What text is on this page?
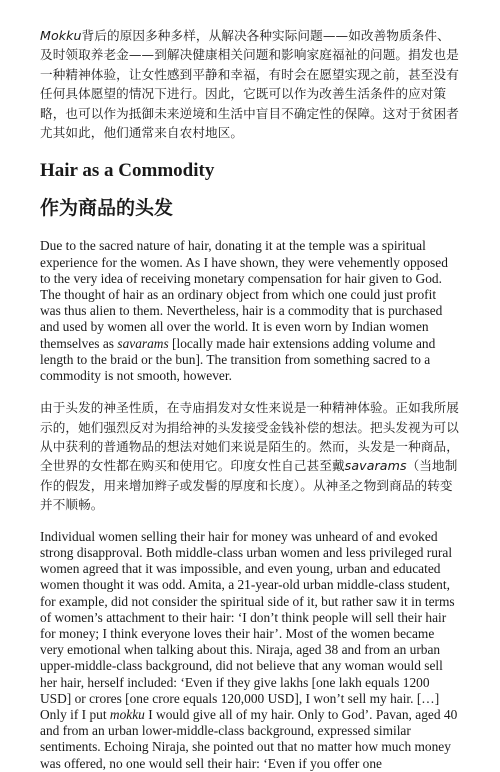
Mokku背后的原因多种多样，从解决各种实际问题——如改善物质条件、及时领取养老金——到解决健康相关问题和影响家庭福祉的问题。捐发也是一种精神体验，让女性感到平静和幸福，有时会在愿望实现之前，甚至没有任何具体愿望的情况下进行。因此，它既可以作为改善生活条件的应对策略，也可以作为抵御未来逆境和生活中盲目不确定性的保障。这对于贫困者尤其如此，他们通常来自农村地区。

Hair as a Commodity
作为商品的头发

Due to the sacred nature of hair, donating it at the temple was a spiritual experience for the women. As I have shown, they were vehemently opposed to the very idea of receiving monetary compensation for hair given to God. The thought of hair as an ordinary object from which one could just profit was thus alien to them. Nevertheless, hair is a commodity that is purchased and used by women all over the world. It is even worn by Indian women themselves as savarams [locally made hair extensions adding volume and length to the braid or the bun]. The transition from something sacred to a commodity is not smooth, however.

由于头发的神圣性质，在寺庙捐发对女性来说是一种精神体验。正如我所展示的，她们强烈反对为捐给神的头发接受金钱补偿的想法。把头发视为可以从中获利的普通物品的想法对她们来说是陌生的。然而，头发是一种商品，全世界的女性都在购买和使用它。印度女性自己甚至戴savarams（当地制作的假发，用来增加辫子或发髻的厚度和长度）。从神圣之物到商品的转变并不顺畅。

Individual women selling their hair for money was unheard of and evoked strong disapproval. Both middle-class urban women and less privileged rural women agreed that it was impossible, and even young, urban and educated women thought it was odd. Amita, a 21-year-old urban middle-class student, for example, did not consider the spiritual side of it, but rather saw it in terms of women’s attachment to their hair: ‘I don’t think people will sell their hair for money; I think everyone loves their hair’. Most of the women became very emotional when talking about this. Niraja, aged 38 and from an urban upper-middle-class background, did not believe that any woman would sell her hair, herself included: ‘Even if they give lakhs [one lakh equals 1200 USD] or crores [one crore equals 120,000 USD], I won’t sell my hair. […] Only if I put mokku I would give all of my hair. Only to God’. Pavan, aged 40 and from an urban lower-middle-class background, expressed similar sentiments. Echoing Niraja, she pointed out that no matter how much money was offered, no one would sell their hair: ‘Even if you offer one
